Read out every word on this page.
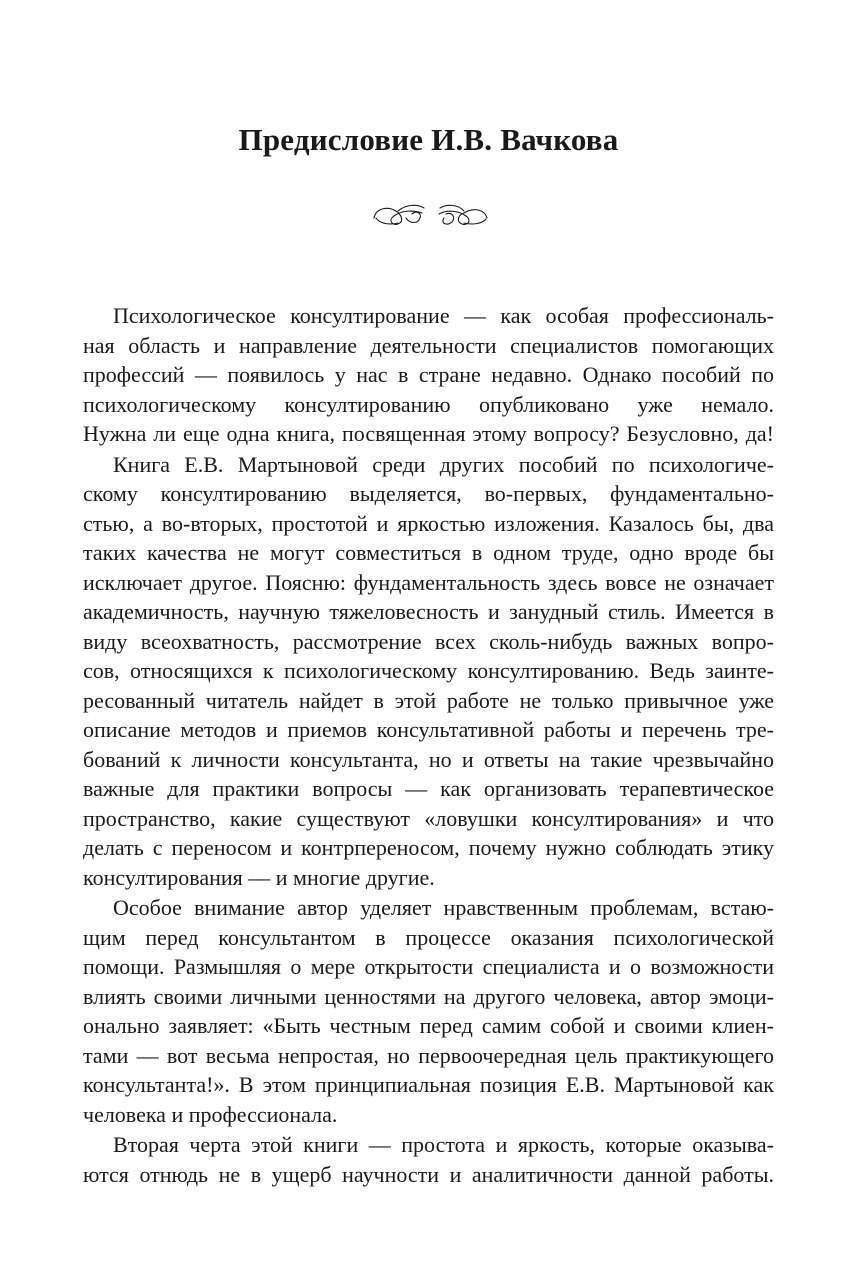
Предисловие И.В. Вачкова
Психологическое консултирование — как особая профессиональ-
ная область и направление деятельности специалистов помогающих
профессий — появилось у нас в стране недавно. Однако пособий по
психологическому консултированию опубликовано уже немало.
Нужна ли еще одна книга, посвященная этому вопросу? Безусловно, да!
Книга Е.В. Мартыновой среди других пособий по психологиче-
скому консултированию выделяется, во-первых, фундаментально-
стью, а во-вторых, простотой и яркостью изложения. Казалось бы, два
таких качества не могут совместиться в одном труде, одно вроде бы
исключает другое. Поясню: фундаментальность здесь вовсе не означает
академичность, научную тяжеловесность и занудный стиль. Имеется в
виду всеохватность, рассмотрение всех сколь-нибудь важных вопро-
сов, относящихся к психологическому консултированию. Ведь заинте-
ресованный читатель найдет в этой работе не только привычное уже
описание методов и приемов консультативной работы и перечень тре-
бований к личности консультанта, но и ответы на такие чрезвычайно
важные для практики вопросы — как организовать терапевтическое
пространство, какие существуют «ловушки консултирования» и что
делать с переносом и контрпереносом, почему нужно соблюдать этику
консултирования — и многие другие.
Особое внимание автор уделяет нравственным проблемам, встаю-
щим перед консультантом в процессе оказания психологической
помощи. Размышляя о мере открытости специалиста и о возможности
влиять своими личными ценностями на другого человека, автор эмоци-
онально заявляет: «Быть честным перед самим собой и своими клиен-
тами — вот весьма непростая, но первоочередная цель практикующего
консультанта!». В этом принципиальная позиция Е.В. Мартыновой как
человека и профессионала.
Вторая черта этой книги — простота и яркость, которые оказыва-
ются отнюдь не в ущерб научности и аналитичности данной работы.
